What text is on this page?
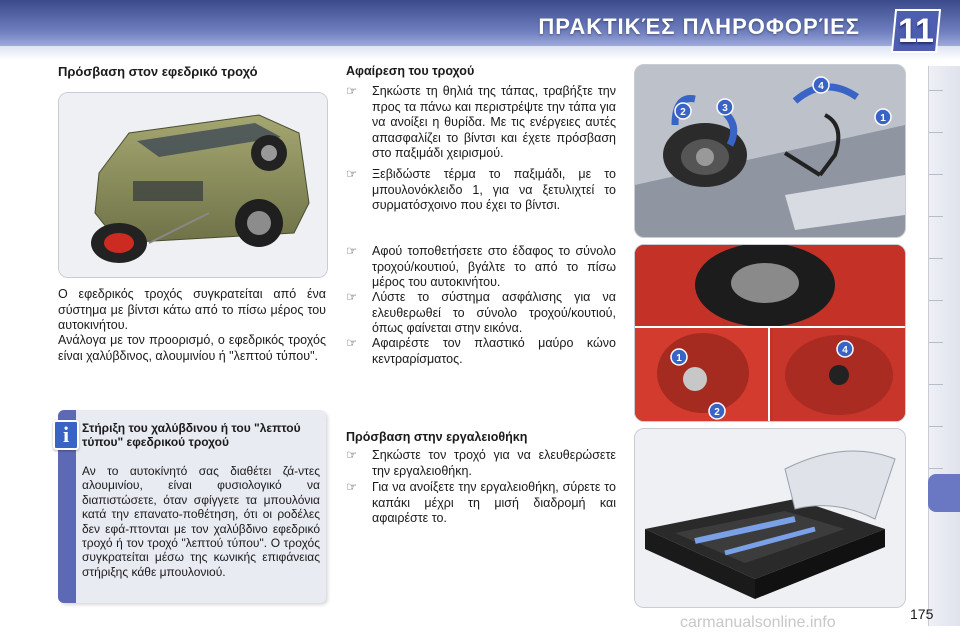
ΠΡΑΚΤΙΚΈΣ ΠΛΗΡΟΦΟΡΊΕΣ 11
Πρόσβαση στον εφεδρικό τροχό
Ο εφεδρικός τροχός συγκρατείται από ένα σύστημα με βίντσι κάτω από το πίσω μέρος του αυτοκινήτου.
Ανάλογα με τον προορισμό, ο εφεδρικός τροχός είναι χαλύβδινος, αλουμινίου ή "λεπτού τύπου".
i	Στήριξη του χαλύβδινου ή του "λεπτού τύπου" εφεδρικού τροχού
Αν το αυτοκίνητό σας διαθέτει ζά-ντες αλουμινίου, είναι φυσιολογικό να διαπιστώσετε, όταν σφίγγετε τα μπουλόνια κατά την επανατο-ποθέτηση, ότι οι ροδέλες δεν εφά-πτονται με τον χαλύβδινο εφεδρικό τροχό ή τον τροχό "λεπτού τύπου". Ο τροχός συγκρατείται μέσω της κωνικής επιφάνειας στήριξης κάθε μπουλονιού.
Αφαίρεση του τροχού
☞ Σηκώστε τη θηλιά της τάπας, τραβήξτε την προς τα πάνω και περιστρέψτε την τάπα για να ανοίξει η θυρίδα. Με τις ενέργειες αυτές απασφαλίζει το βίντσι και έχετε πρόσβαση στο παξιμάδι χειρισμού.
☞ Ξεβιδώστε τέρμα το παξιμάδι, με το μπουλονόκλειδο 1, για να ξετυλιχτεί το συρματόσχοινο που έχει το βίντσι.
☞ Αφού τοποθετήσετε στο έδαφος το σύνολο τροχού/κουτιού, βγάλτε το από το πίσω μέρος του αυτοκινήτου.
☞ Λύστε το σύστημα ασφάλισης για να ελευθερωθεί το σύνολο τροχού/κουτιού, όπως φαίνεται στην εικόνα.
☞ Αφαιρέστε τον πλαστικό μαύρο κώνο κεντραρίσματος.
Πρόσβαση στην εργαλειοθήκη
☞ Σηκώστε τον τροχό για να ελευθερώσετε την εργαλειοθήκη.
☞ Για να ανοίξετε την εργαλειοθήκη, σύρετε το καπάκι μέχρι τη μισή διαδρομή και αφαιρέστε το.
2	3
4
1
1
2
4
175
carmanualsonline.info
